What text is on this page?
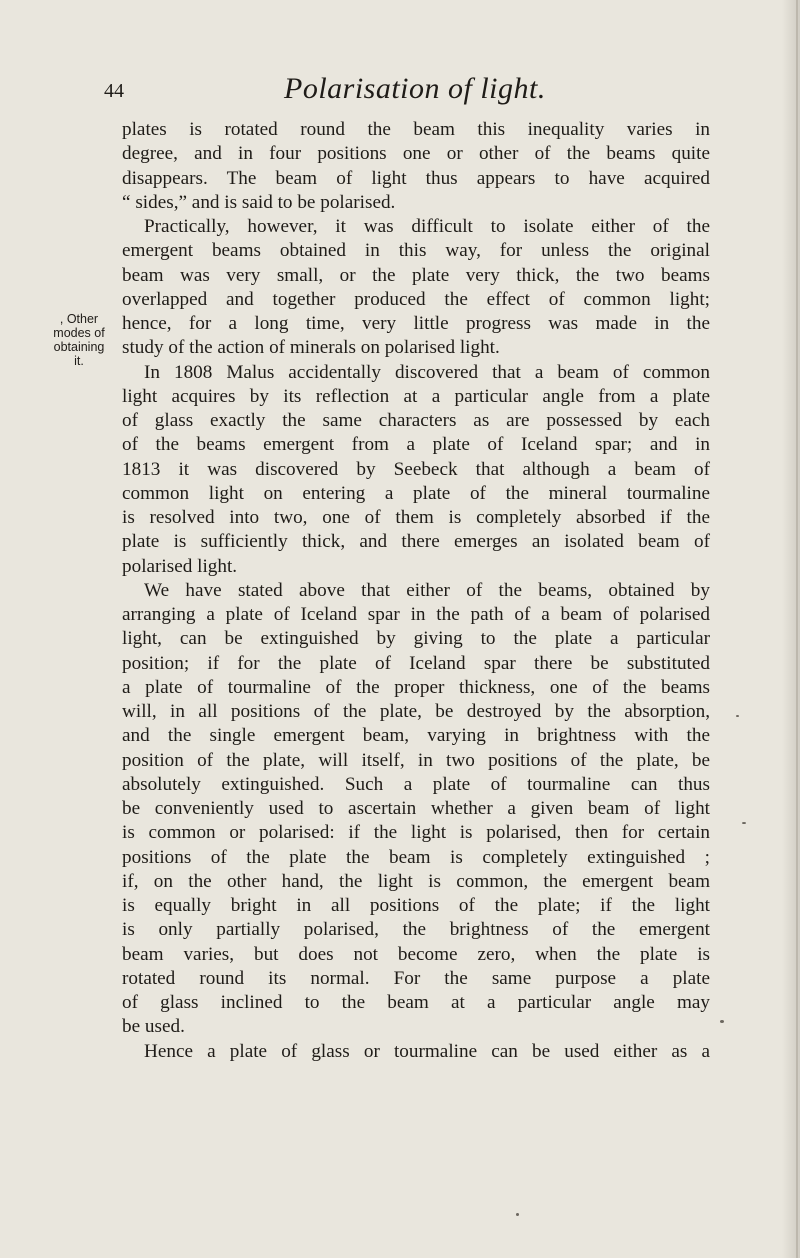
44	Polarisation of light.
, Other
modes of
obtaining
it.
plates is rotated round the beam this inequality varies in
degree, and in four positions one or other of the beams quite
disappears. The beam of light thus appears to have acquired
“ sides,” and is said to be polarised.
Practically, however, it was difficult to isolate either of the
emergent beams obtained in this way, for unless the original
beam was very small, or the plate very thick, the two beams
overlapped and together produced the effect of common light;
hence, for a long time, very little progress was made in the
study of the action of minerals on polarised light.
In 1808 Malus accidentally discovered that a beam of common
light acquires by its reflection at a particular angle from a plate
of glass exactly the same characters as are possessed by each
of the beams emergent from a plate of Iceland spar; and in
1813 it was discovered by Seebeck that although a beam of
common light on entering a plate of the mineral tourmaline
is resolved into two, one of them is completely absorbed if the
plate is sufficiently thick, and there emerges an isolated beam of
polarised light.
We have stated above that either of the beams, obtained by
arranging a plate of Iceland spar in the path of a beam of polarised
light, can be extinguished by giving to the plate a particular
position; if for the plate of Iceland spar there be substituted
a plate of tourmaline of the proper thickness, one of the beams
will, in all positions of the plate, be destroyed by the absorption,
and the single emergent beam, varying in brightness with the
position of the plate, will itself, in two positions of the plate, be
absolutely extinguished. Such a plate of tourmaline can thus
be conveniently used to ascertain whether a given beam of light
is common or polarised: if the light is polarised, then for certain
positions of the plate the beam is completely extinguished ;
if, on the other hand, the light is common, the emergent beam
is equally bright in all positions of the plate; if the light
is only partially polarised, the brightness of the emergent
beam varies, but does not become zero, when the plate is
rotated round its normal. For the same purpose a plate
of glass inclined to the beam at a particular angle may
be used.
Hence a plate of glass or tourmaline can be used either as a
